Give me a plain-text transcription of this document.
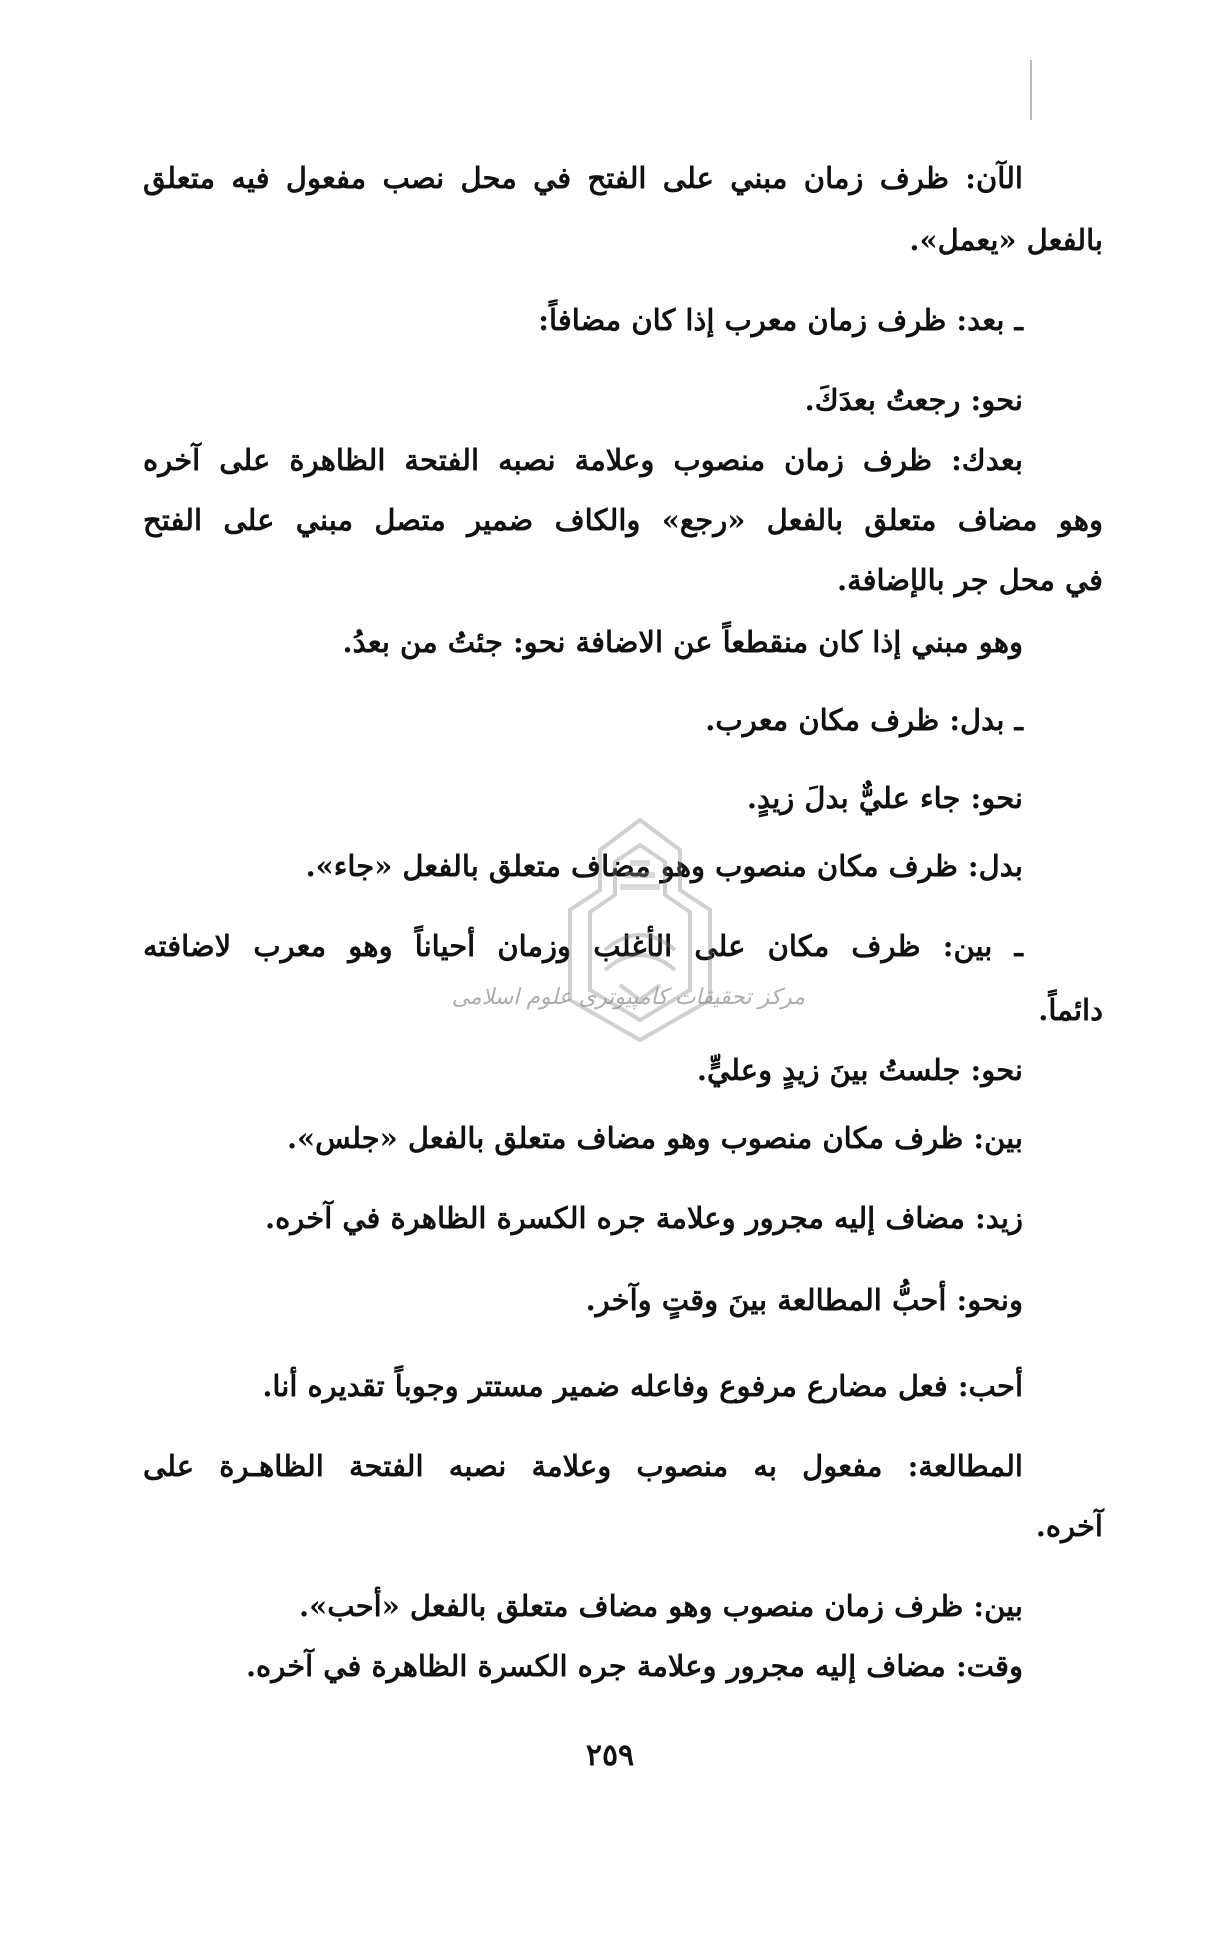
الآن: ظرف زمان مبني على الفتح في محل نصب مفعول فيه متعلق
بالفعل «يعمل».
ـ بعد: ظرف زمان معرب إذا كان مضافاً:
نحو: رجعتُ بعدَكَ.
بعدك: ظرف زمان منصوب وعلامة نصبه الفتحة الظاهرة على آخره
وهو مضاف متعلق بالفعل «رجع» والكاف ضمير متصل مبني على الفتح
في محل جر بالإضافة.
وهو مبني إذا كان منقطعاً عن الاضافة نحو: جئتُ من بعدُ.
ـ بدل: ظرف مكان معرب.
نحو: جاء عليٌّ بدلَ زيدٍ.
بدل: ظرف مكان منصوب وهو مضاف متعلق بالفعل «جاء».
ـ بين: ظرف مكان على الأغلب وزمان أحياناً وهو معرب لاضافته
دائماً.
نحو: جلستُ بينَ زيدٍ وعليٍّ.
بين: ظرف مكان منصوب وهو مضاف متعلق بالفعل «جلس».
زيد: مضاف إليه مجرور وعلامة جره الكسرة الظاهرة في آخره.
ونحو: أحبُّ المطالعة بينَ وقتٍ وآخر.
أحب: فعل مضارع مرفوع وفاعله ضمير مستتر وجوباً تقديره أنا.
المطالعة: مفعول به منصوب وعلامة نصبه الفتحة الظاهـرة على
آخره.
بين: ظرف زمان منصوب وهو مضاف متعلق بالفعل «أحب».
وقت: مضاف إليه مجرور وعلامة جره الكسرة الظاهرة في آخره.
٢٥٩
مرکز تحقیقات کامپیوتری علوم اسلامی
